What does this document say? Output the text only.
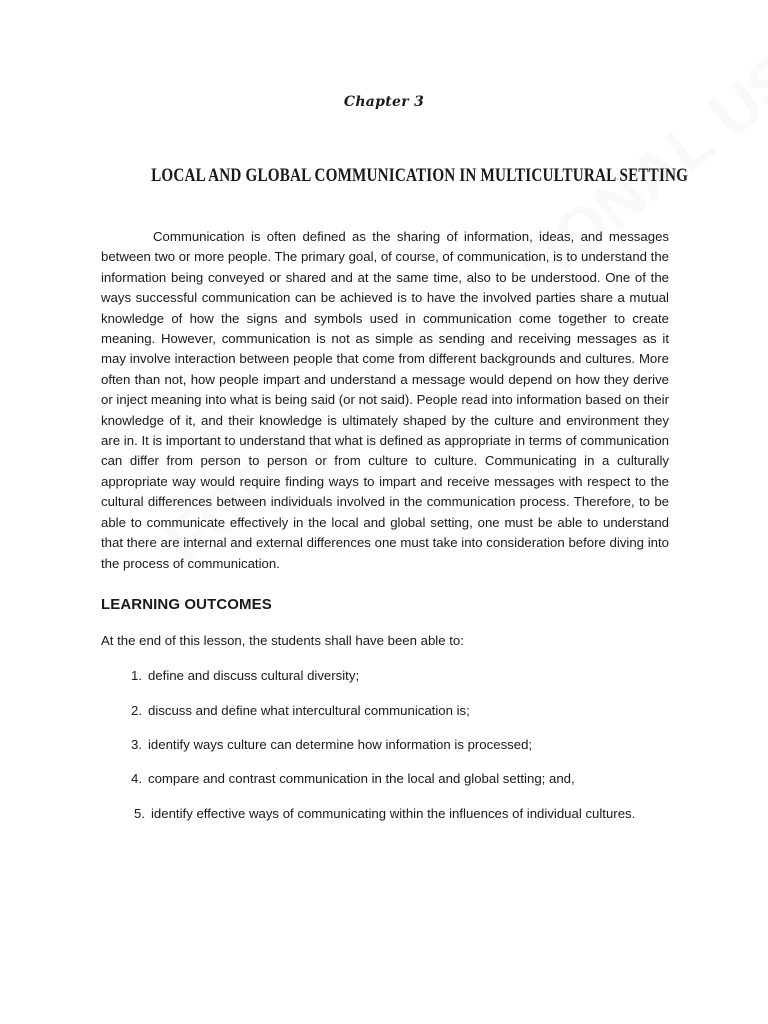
Chapter 3
LOCAL AND GLOBAL COMMUNICATION IN MULTICULTURAL SETTING

Communication is often defined as the sharing of information, ideas, and messages between two or more people. The primary goal, of course, of communication, is to understand the information being conveyed or shared and at the same time, also to be understood. One of the ways successful communication can be achieved is to have the involved parties share a mutual knowledge of how the signs and symbols used in communication come together to create meaning. However, communication is not as simple as sending and receiving messages as it may involve interaction between people that come from different backgrounds and cultures. More often than not, how people impart and understand a message would depend on how they derive or inject meaning into what is being said (or not said). People read into information based on their knowledge of it, and their knowledge is ultimately shaped by the culture and environment they are in. It is important to understand that what is defined as appropriate in terms of communication can differ from person to person or from culture to culture. Communicating in a culturally appropriate way would require finding ways to impart and receive messages with respect to the cultural differences between individuals involved in the communication process. Therefore, to be able to communicate effectively in the local and global setting, one must be able to understand that there are internal and external differences one must take into consideration before diving into the process of communication.

LEARNING OUTCOMES

At the end of this lesson, the students shall have been able to:

1. define and discuss cultural diversity;

2. discuss and define what intercultural communication is;

3. identify ways culture can determine how information is processed;

4. compare and contrast communication in the local and global setting; and,

5. identify effective ways of communicating within the influences of individual cultures.
